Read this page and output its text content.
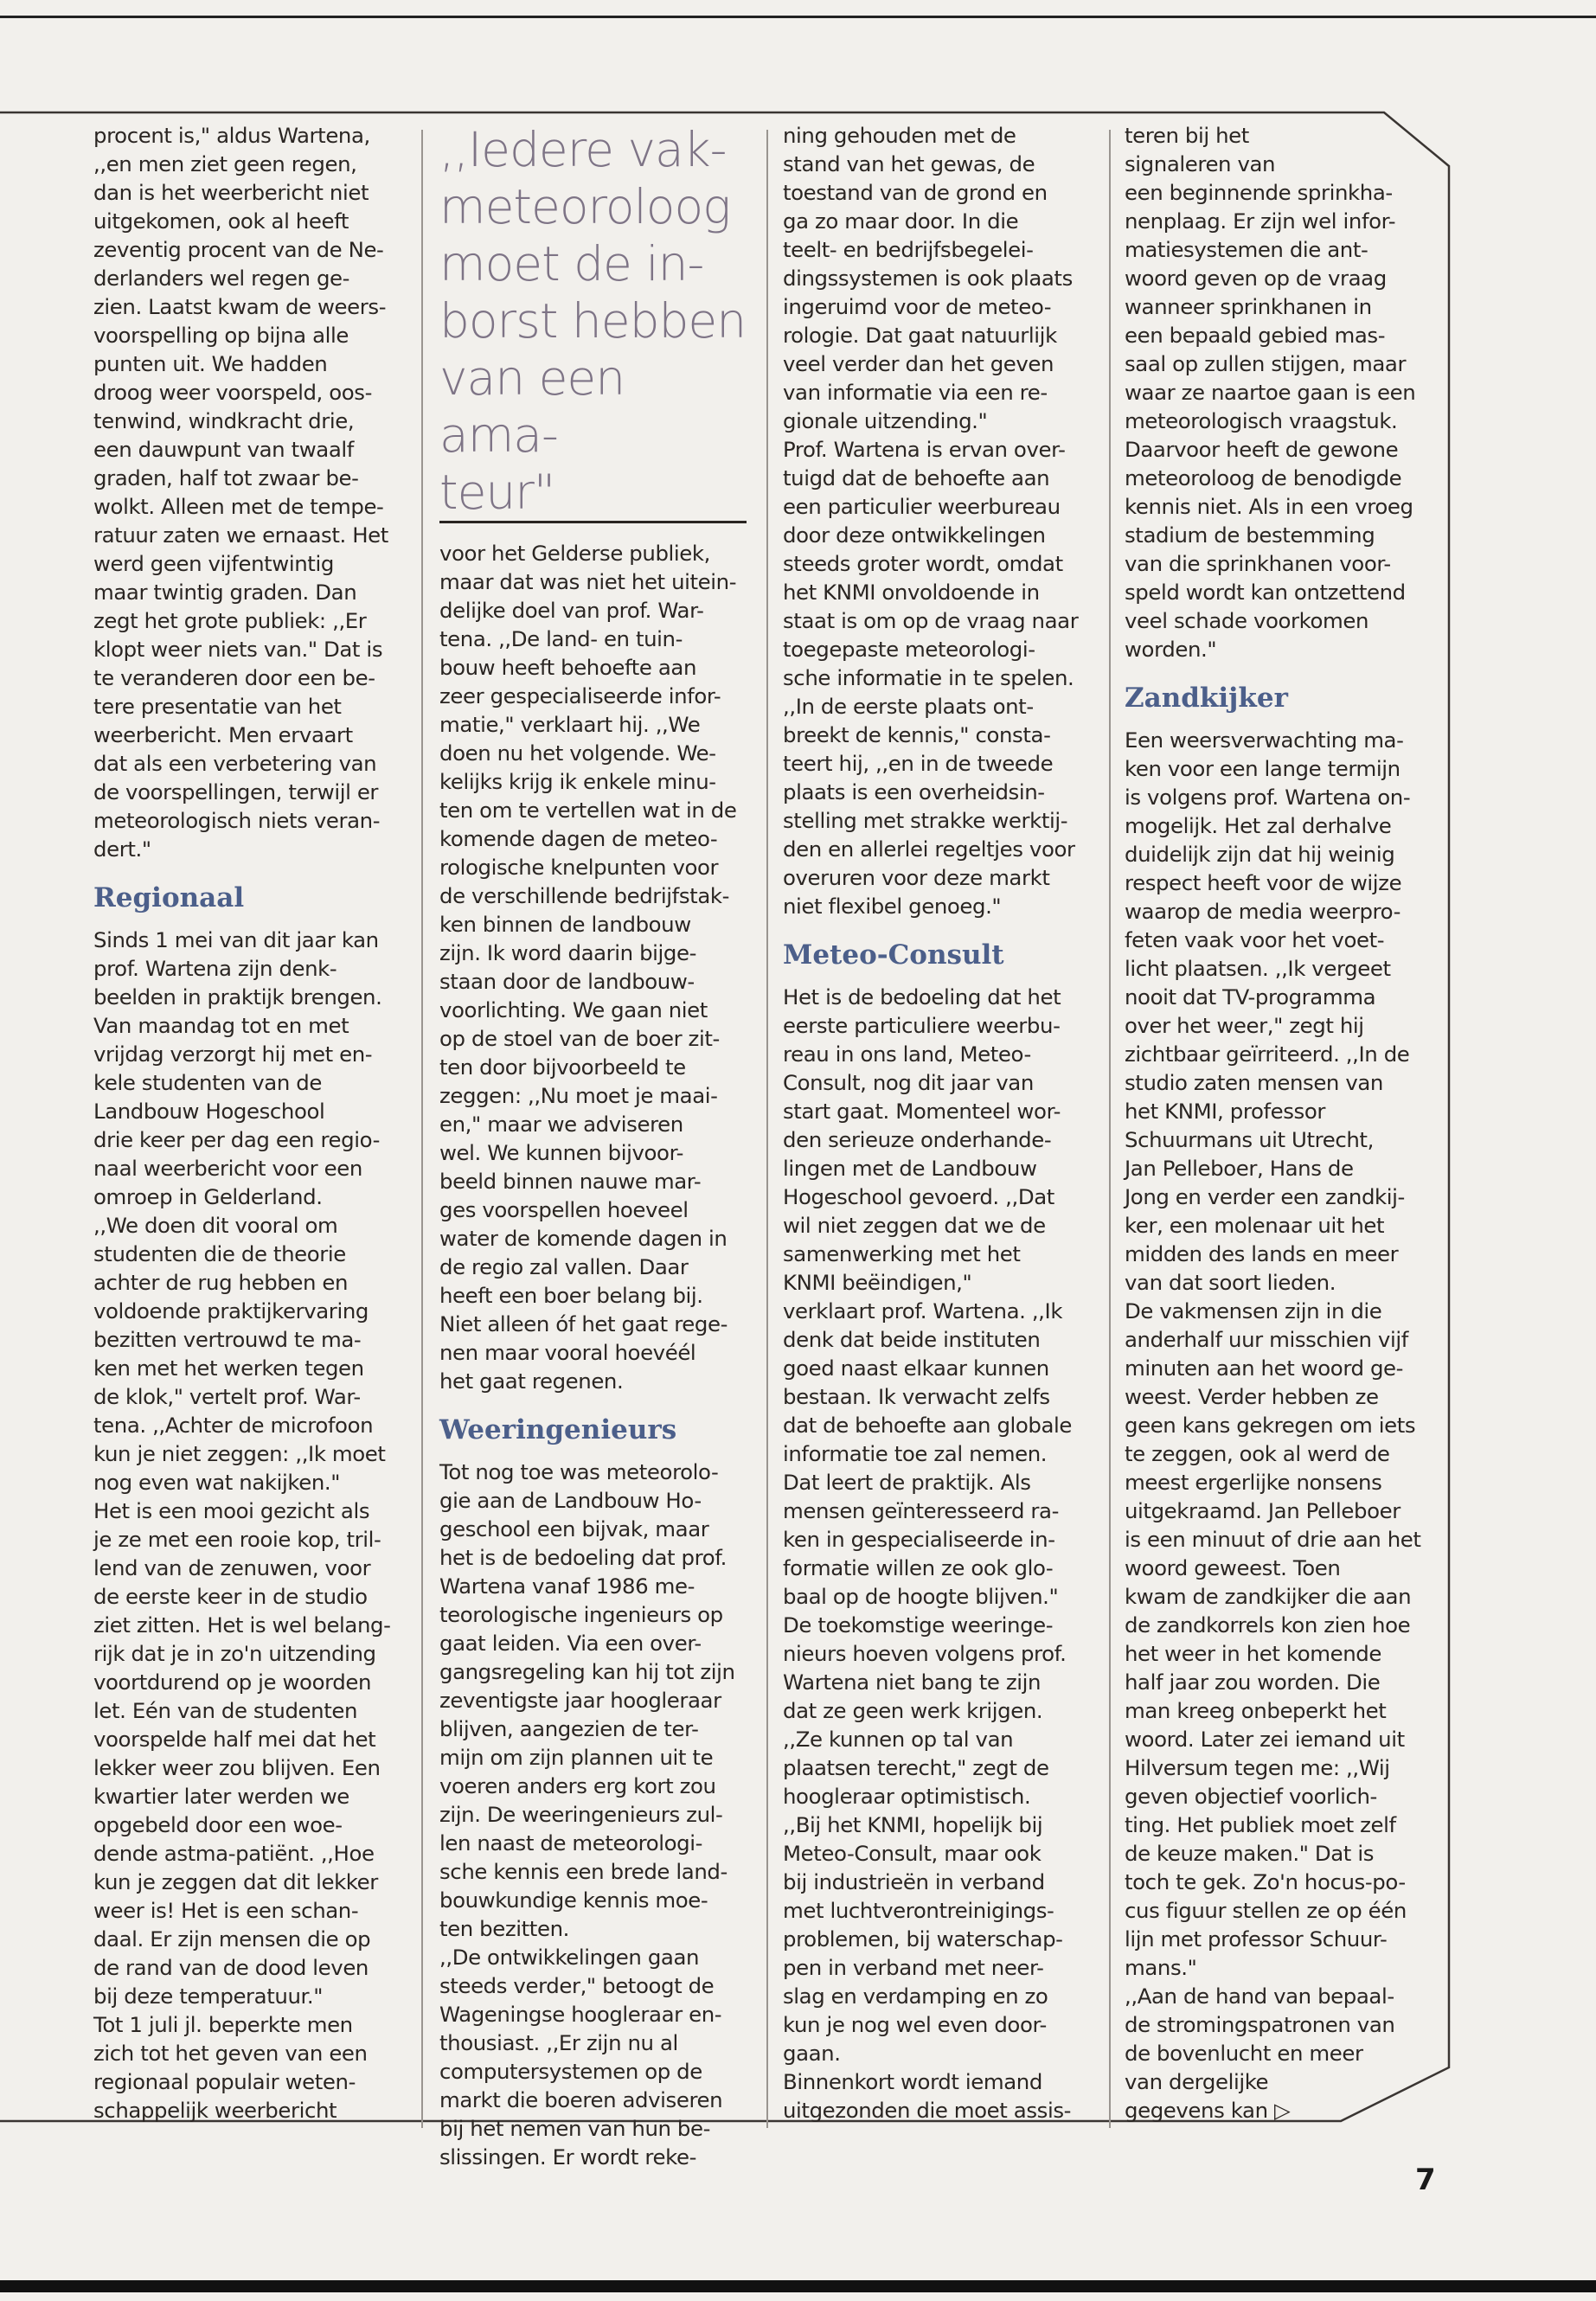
procent is," aldus Wartena,
,,en men ziet geen regen,
dan is het weerbericht niet
uitgekomen, ook al heeft
zeventig procent van de Ne-
derlanders wel regen ge-
zien. Laatst kwam de weers-
voorspelling op bijna alle
punten uit. We hadden
droog weer voorspeld, oos-
tenwind, windkracht drie,
een dauwpunt van twaalf
graden, half tot zwaar be-
wolkt. Alleen met de tempe-
ratuur zaten we ernaast. Het
werd geen vijfentwintig
maar twintig graden. Dan
zegt het grote publiek: ,,Er
klopt weer niets van." Dat is
te veranderen door een be-
tere presentatie van het
weerbericht. Men ervaart
dat als een verbetering van
de voorspellingen, terwijl er
meteorologisch niets veran-
dert."

Regionaal

Sinds 1 mei van dit jaar kan
prof. Wartena zijn denk-
beelden in praktijk brengen.
Van maandag tot en met
vrijdag verzorgt hij met en-
kele studenten van de
Landbouw Hogeschool
drie keer per dag een regio-
naal weerbericht voor een
omroep in Gelderland.
,,We doen dit vooral om
studenten die de theorie
achter de rug hebben en
voldoende praktijkervaring
bezitten vertrouwd te ma-
ken met het werken tegen
de klok," vertelt prof. War-
tena. ,,Achter de microfoon
kun je niet zeggen: ,,Ik moet
nog even wat nakijken."
Het is een mooi gezicht als
je ze met een rooie kop, tril-
lend van de zenuwen, voor
de eerste keer in de studio
ziet zitten. Het is wel belang-
rijk dat je in zo'n uitzending
voortdurend op je woorden
let. Eén van de studenten
voorspelde half mei dat het
lekker weer zou blijven. Een
kwartier later werden we
opgebeld door een woe-
dende astma-patiënt. ,,Hoe
kun je zeggen dat dit lekker
weer is! Het is een schan-
daal. Er zijn mensen die op
de rand van de dood leven
bij deze temperatuur."
Tot 1 juli jl. beperkte men
zich tot het geven van een
regionaal populair weten-
schappelijk weerbericht

,,Iedere vak-
meteoroloog
moet de in-
borst hebben
van een ama-
teur"

voor het Gelderse publiek,
maar dat was niet het uitein-
delijke doel van prof. War-
tena. ,,De land- en tuin-
bouw heeft behoefte aan
zeer gespecialiseerde infor-
matie," verklaart hij. ,,We
doen nu het volgende. We-
kelijks krijg ik enkele minu-
ten om te vertellen wat in de
komende dagen de meteo-
rologische knelpunten voor
de verschillende bedrijfstak-
ken binnen de landbouw
zijn. Ik word daarin bijge-
staan door de landbouw-
voorlichting. We gaan niet
op de stoel van de boer zit-
ten door bijvoorbeeld te
zeggen: ,,Nu moet je maai-
en," maar we adviseren
wel. We kunnen bijvoor-
beeld binnen nauwe mar-
ges voorspellen hoeveel
water de komende dagen in
de regio zal vallen. Daar
heeft een boer belang bij.
Niet alleen óf het gaat rege-
nen maar vooral hoevéél
het gaat regenen.

Weeringenieurs

Tot nog toe was meteorolo-
gie aan de Landbouw Ho-
geschool een bijvak, maar
het is de bedoeling dat prof.
Wartena vanaf 1986 me-
teorologische ingenieurs op
gaat leiden. Via een over-
gangsregeling kan hij tot zijn
zeventigste jaar hoogleraar
blijven, aangezien de ter-
mijn om zijn plannen uit te
voeren anders erg kort zou
zijn. De weeringenieurs zul-
len naast de meteorologi-
sche kennis een brede land-
bouwkundige kennis moe-
ten bezitten.
,,De ontwikkelingen gaan
steeds verder," betoogt de
Wageningse hoogleraar en-
thousiast. ,,Er zijn nu al
computersystemen op de
markt die boeren adviseren
bij het nemen van hun be-
slissingen. Er wordt reke-

ning gehouden met de
stand van het gewas, de
toestand van de grond en
ga zo maar door. In die
teelt- en bedrijfsbegelei-
dingssystemen is ook plaats
ingeruimd voor de meteo-
rologie. Dat gaat natuurlijk
veel verder dan het geven
van informatie via een re-
gionale uitzending."
Prof. Wartena is ervan over-
tuigd dat de behoefte aan
een particulier weerbureau
door deze ontwikkelingen
steeds groter wordt, omdat
het KNMI onvoldoende in
staat is om op de vraag naar
toegepaste meteorologi-
sche informatie in te spelen.
,,In de eerste plaats ont-
breekt de kennis," consta-
teert hij, ,,en in de tweede
plaats is een overheidsin-
stelling met strakke werktij-
den en allerlei regeltjes voor
overuren voor deze markt
niet flexibel genoeg."

Meteo-Consult

Het is de bedoeling dat het
eerste particuliere weerbu-
reau in ons land, Meteo-
Consult, nog dit jaar van
start gaat. Momenteel wor-
den serieuze onderhande-
lingen met de Landbouw
Hogeschool gevoerd. ,,Dat
wil niet zeggen dat we de
samenwerking met het
KNMI beëindigen,"
verklaart prof. Wartena. ,,Ik
denk dat beide instituten
goed naast elkaar kunnen
bestaan. Ik verwacht zelfs
dat de behoefte aan globale
informatie toe zal nemen.
Dat leert de praktijk. Als
mensen geïnteresseerd ra-
ken in gespecialiseerde in-
formatie willen ze ook glo-
baal op de hoogte blijven."
De toekomstige weeringe-
nieurs hoeven volgens prof.
Wartena niet bang te zijn
dat ze geen werk krijgen.
,,Ze kunnen op tal van
plaatsen terecht," zegt de
hoogleraar optimistisch.
,,Bij het KNMI, hopelijk bij
Meteo-Consult, maar ook
bij industrieën in verband
met luchtverontreinigings-
problemen, bij waterschap-
pen in verband met neer-
slag en verdamping en zo
kun je nog wel even door-
gaan.
Binnenkort wordt iemand
uitgezonden die moet assis-

teren bij het
signaleren van
een beginnende sprinkha-
nenplaag. Er zijn wel infor-
matiesystemen die ant-
woord geven op de vraag
wanneer sprinkhanen in
een bepaald gebied mas-
saal op zullen stijgen, maar
waar ze naartoe gaan is een
meteorologisch vraagstuk.
Daarvoor heeft de gewone
meteoroloog de benodigde
kennis niet. Als in een vroeg
stadium de bestemming
van die sprinkhanen voor-
speld wordt kan ontzettend
veel schade voorkomen
worden."

Zandkijker

Een weersverwachting ma-
ken voor een lange termijn
is volgens prof. Wartena on-
mogelijk. Het zal derhalve
duidelijk zijn dat hij weinig
respect heeft voor de wijze
waarop de media weerpro-
feten vaak voor het voet-
licht plaatsen. ,,Ik vergeet
nooit dat TV-programma
over het weer," zegt hij
zichtbaar geïrriteerd. ,,In de
studio zaten mensen van
het KNMI, professor
Schuurmans uit Utrecht,
Jan Pelleboer, Hans de
Jong en verder een zandkij-
ker, een molenaar uit het
midden des lands en meer
van dat soort lieden.
De vakmensen zijn in die
anderhalf uur misschien vijf
minuten aan het woord ge-
weest. Verder hebben ze
geen kans gekregen om iets
te zeggen, ook al werd de
meest ergerlijke nonsens
uitgekraamd. Jan Pelleboer
is een minuut of drie aan het
woord geweest. Toen
kwam de zandkijker die aan
de zandkorrels kon zien hoe
het weer in het komende
half jaar zou worden. Die
man kreeg onbeperkt het
woord. Later zei iemand uit
Hilversum tegen me: ,,Wij
geven objectief voorlich-
ting. Het publiek moet zelf
de keuze maken." Dat is
toch te gek. Zo'n hocus-po-
cus figuur stellen ze op één
lijn met professor Schuur-
mans."
,,Aan de hand van bepaal-
de stromingspatronen van
de bovenlucht en meer
van dergelijke
gegevens kan ▷
7
